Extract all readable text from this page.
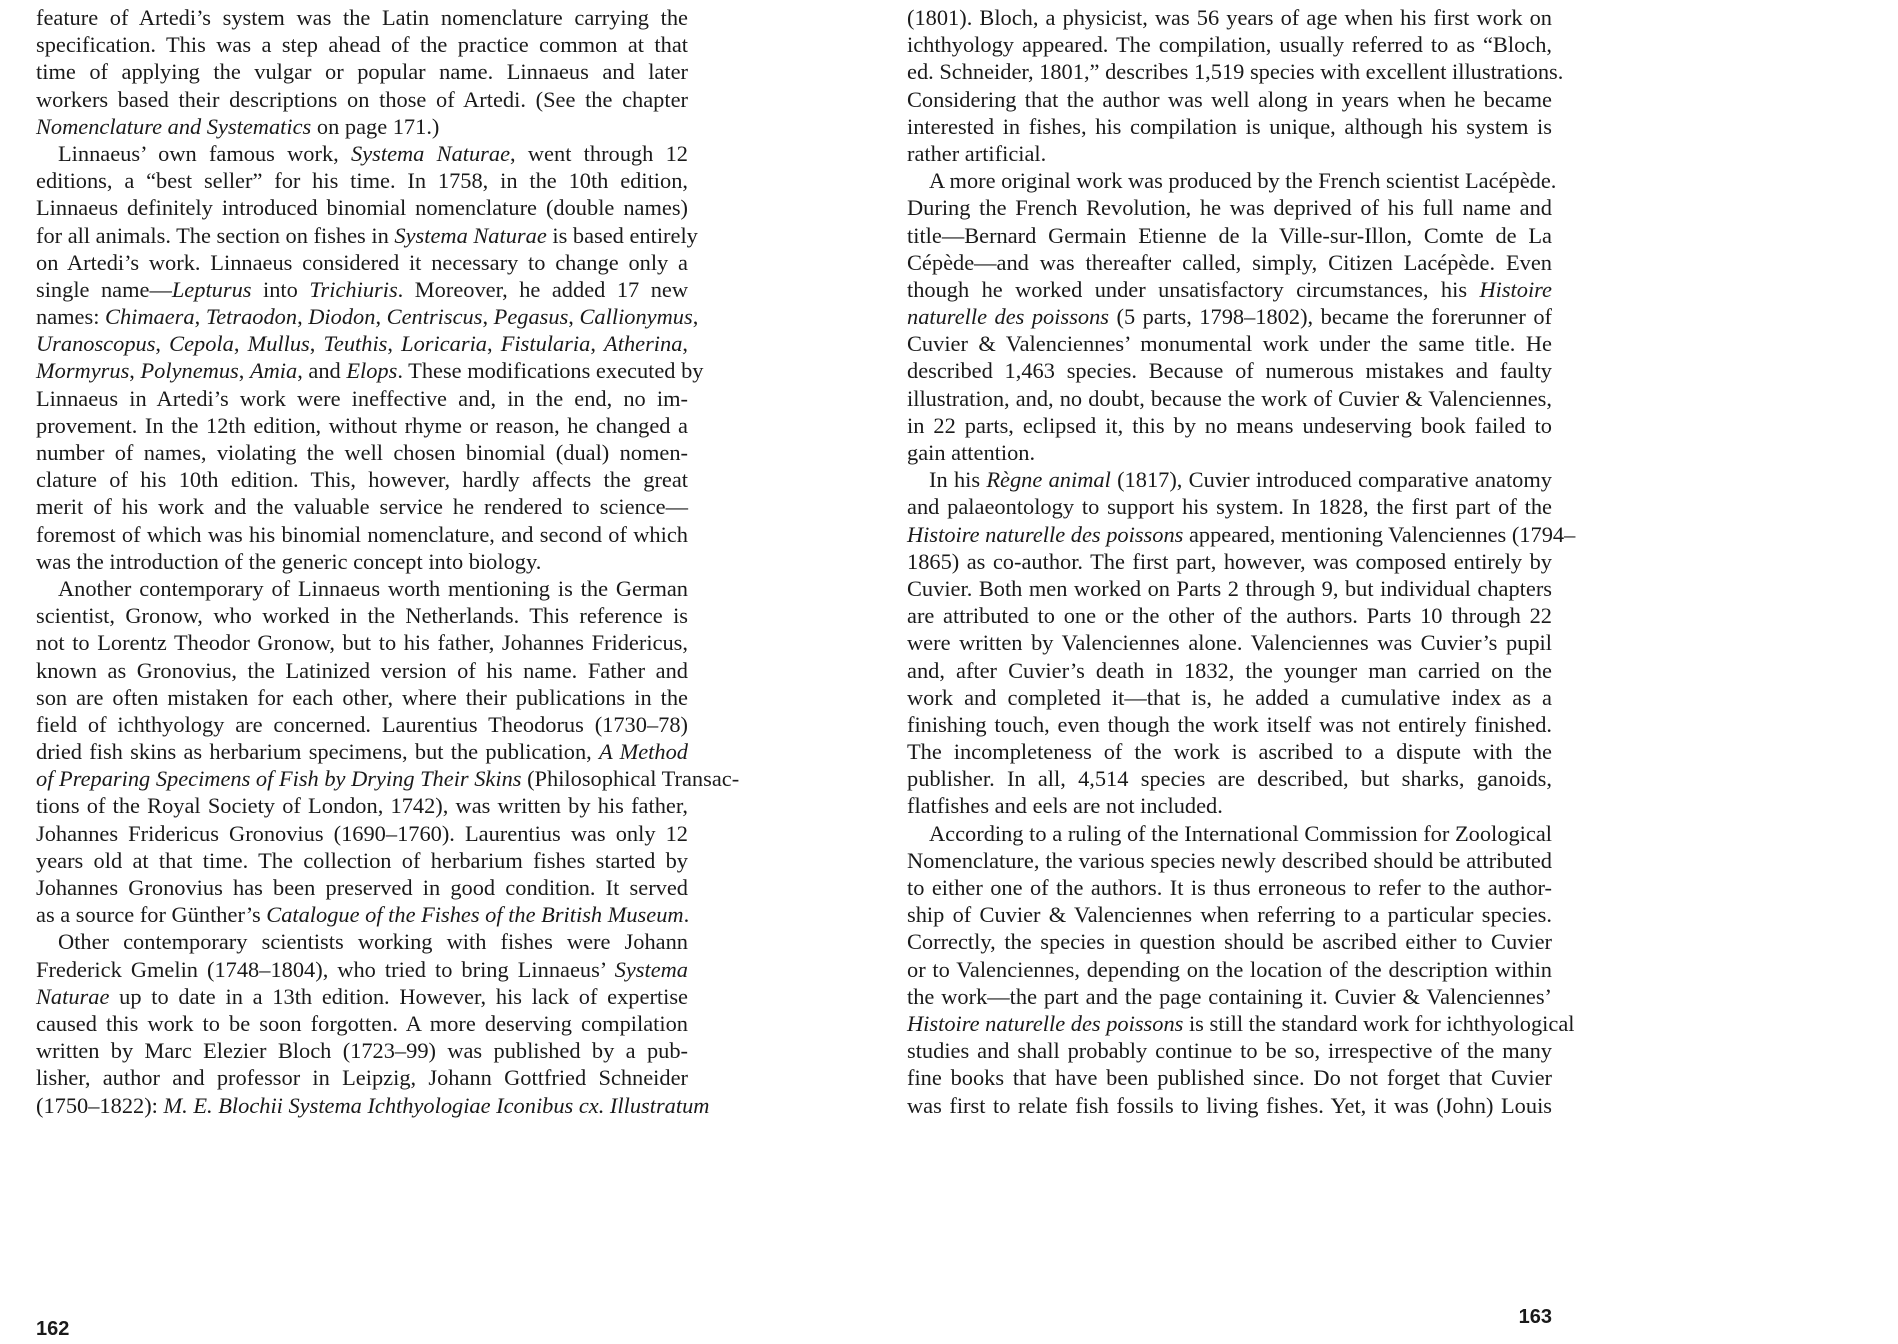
feature of Artedi’s system was the Latin nomenclature carrying the
specification. This was a step ahead of the practice common at that
time of applying the vulgar or popular name. Linnaeus and later
workers based their descriptions on those of Artedi. (See the chapter
Nomenclature and Systematics on page 171.)
Linnaeus’ own famous work, Systema Naturae, went through 12
editions, a “best seller” for his time. In 1758, in the 10th edition,
Linnaeus definitely introduced binomial nomenclature (double names)
for all animals. The section on fishes in Systema Naturae is based entirely
on Artedi’s work. Linnaeus considered it necessary to change only a
single name—Lepturus into Trichiuris. Moreover, he added 17 new
names: Chimaera, Tetraodon, Diodon, Centriscus, Pegasus, Callionymus,
Uranoscopus, Cepola, Mullus, Teuthis, Loricaria, Fistularia, Atherina,
Mormyrus, Polynemus, Amia, and Elops. These modifications executed by
Linnaeus in Artedi’s work were ineffective and, in the end, no im-
provement. In the 12th edition, without rhyme or reason, he changed a
number of names, violating the well chosen binomial (dual) nomen-
clature of his 10th edition. This, however, hardly affects the great
merit of his work and the valuable service he rendered to science—
foremost of which was his binomial nomenclature, and second of which
was the introduction of the generic concept into biology.
Another contemporary of Linnaeus worth mentioning is the German
scientist, Gronow, who worked in the Netherlands. This reference is
not to Lorentz Theodor Gronow, but to his father, Johannes Fridericus,
known as Gronovius, the Latinized version of his name. Father and
son are often mistaken for each other, where their publications in the
field of ichthyology are concerned. Laurentius Theodorus (1730–78)
dried fish skins as herbarium specimens, but the publication, A Method
of Preparing Specimens of Fish by Drying Their Skins (Philosophical Transac-
tions of the Royal Society of London, 1742), was written by his father,
Johannes Fridericus Gronovius (1690–1760). Laurentius was only 12
years old at that time. The collection of herbarium fishes started by
Johannes Gronovius has been preserved in good condition. It served
as a source for Günther’s Catalogue of the Fishes of the British Museum.
Other contemporary scientists working with fishes were Johann
Frederick Gmelin (1748–1804), who tried to bring Linnaeus’ Systema
Naturae up to date in a 13th edition. However, his lack of expertise
caused this work to be soon forgotten. A more deserving compilation
written by Marc Elezier Bloch (1723–99) was published by a pub-
lisher, author and professor in Leipzig, Johann Gottfried Schneider
(1750–1822): M. E. Blochii Systema Ichthyologiae Iconibus cx. Illustratum
162
(1801). Bloch, a physicist, was 56 years of age when his first work on
ichthyology appeared. The compilation, usually referred to as “Bloch,
ed. Schneider, 1801,” describes 1,519 species with excellent illustrations.
Considering that the author was well along in years when he became
interested in fishes, his compilation is unique, although his system is
rather artificial.
A more original work was produced by the French scientist Lacépède.
During the French Revolution, he was deprived of his full name and
title—Bernard Germain Etienne de la Ville-sur-Illon, Comte de La
Cépède—and was thereafter called, simply, Citizen Lacépède. Even
though he worked under unsatisfactory circumstances, his Histoire
naturelle des poissons (5 parts, 1798–1802), became the forerunner of
Cuvier & Valenciennes’ monumental work under the same title. He
described 1,463 species. Because of numerous mistakes and faulty
illustration, and, no doubt, because the work of Cuvier & Valenciennes,
in 22 parts, eclipsed it, this by no means undeserving book failed to
gain attention.
In his Règne animal (1817), Cuvier introduced comparative anatomy
and palaeontology to support his system. In 1828, the first part of the
Histoire naturelle des poissons appeared, mentioning Valenciennes (1794–
1865) as co-author. The first part, however, was composed entirely by
Cuvier. Both men worked on Parts 2 through 9, but individual chapters
are attributed to one or the other of the authors. Parts 10 through 22
were written by Valenciennes alone. Valenciennes was Cuvier’s pupil
and, after Cuvier’s death in 1832, the younger man carried on the
work and completed it—that is, he added a cumulative index as a
finishing touch, even though the work itself was not entirely finished.
The incompleteness of the work is ascribed to a dispute with the
publisher. In all, 4,514 species are described, but sharks, ganoids,
flatfishes and eels are not included.
According to a ruling of the International Commission for Zoological
Nomenclature, the various species newly described should be attributed
to either one of the authors. It is thus erroneous to refer to the author-
ship of Cuvier & Valenciennes when referring to a particular species.
Correctly, the species in question should be ascribed either to Cuvier
or to Valenciennes, depending on the location of the description within
the work—the part and the page containing it. Cuvier & Valenciennes’
Histoire naturelle des poissons is still the standard work for ichthyological
studies and shall probably continue to be so, irrespective of the many
fine books that have been published since. Do not forget that Cuvier
was first to relate fish fossils to living fishes. Yet, it was (John) Louis
163
